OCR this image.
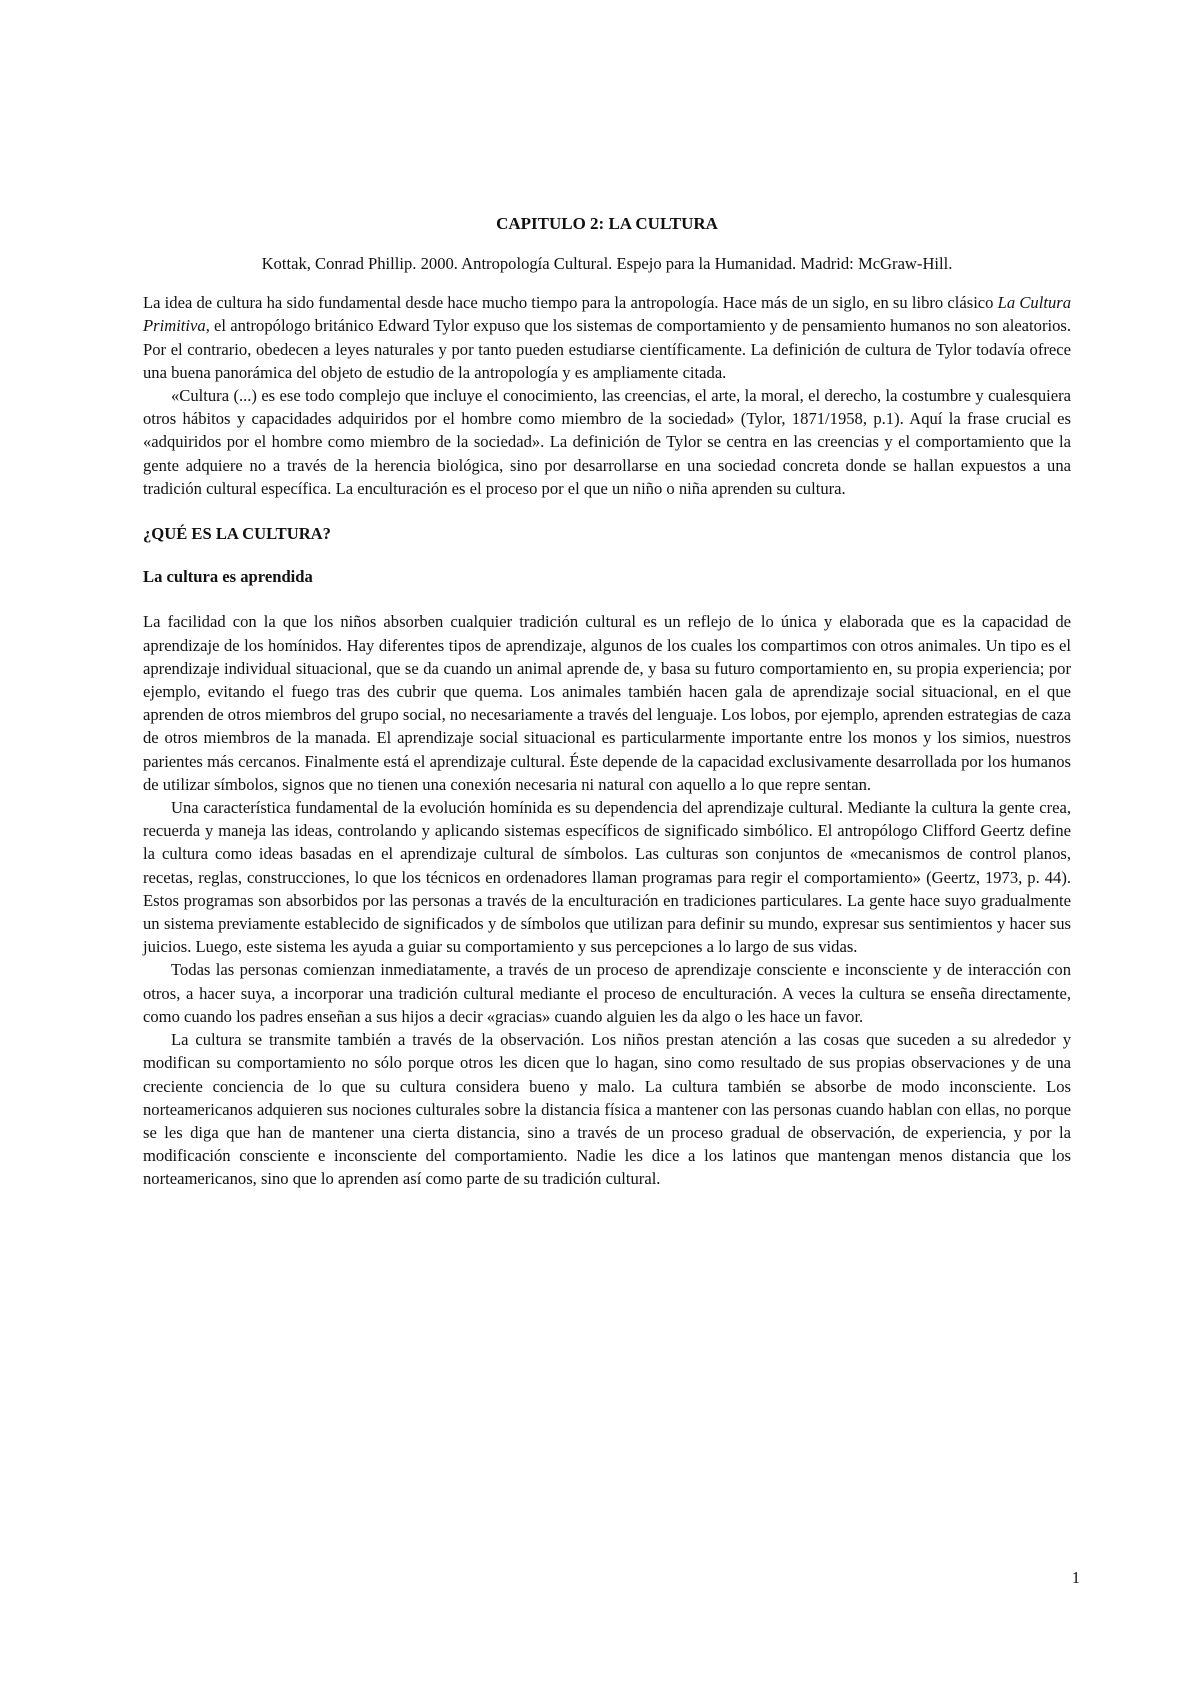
CAPITULO 2: LA CULTURA
Kottak, Conrad Phillip. 2000. Antropología Cultural. Espejo para la Humanidad. Madrid: McGraw-Hill.

La idea de cultura ha sido fundamental desde hace mucho tiempo para la antropología. Hace más de un siglo, en su libro clásico La Cultura Primitiva, el antropólogo británico Edward Tylor expuso que los sistemas de comportamiento y de pensamiento humanos no son aleatorios. Por el contrario, obedecen a leyes naturales y por tanto pueden estudiarse científicamente. La definición de cultura de Tylor todavía ofrece una buena panorámica del objeto de estudio de la antropología y es ampliamente citada.

«Cultura (...) es ese todo complejo que incluye el conocimiento, las creencias, el arte, la moral, el derecho, la costumbre y cualesquiera otros hábitos y capacidades adquiridos por el hombre como miembro de la sociedad» (Tylor, 1871/1958, p.1). Aquí la frase crucial es «adquiridos por el hombre como miembro de la sociedad». La definición de Tylor se centra en las creencias y el comportamiento que la gente adquiere no a través de la herencia biológica, sino por desarrollarse en una sociedad concreta donde se hallan expuestos a una tradición cultural específica. La enculturación es el proceso por el que un niño o niña aprenden su cultura.

¿QUÉ ES LA CULTURA?
La cultura es aprendida

La facilidad con la que los niños absorben cualquier tradición cultural es un reflejo de lo única y elaborada que es la capacidad de aprendizaje de los homínidos. Hay diferentes tipos de aprendizaje, algunos de los cuales los compartimos con otros animales. Un tipo es el aprendizaje individual situacional, que se da cuando un animal aprende de, y basa su futuro comportamiento en, su propia experiencia; por ejemplo, evitando el fuego tras des cubrir que quema. Los animales también hacen gala de aprendizaje social situacional, en el que aprenden de otros miembros del grupo social, no necesariamente a través del lenguaje. Los lobos, por ejemplo, aprenden estrategias de caza de otros miembros de la manada. El aprendizaje social situacional es particularmente importante entre los monos y los simios, nuestros parientes más cercanos. Finalmente está el aprendizaje cultural. Éste depende de la capacidad exclusivamente desarrollada por los humanos de utilizar símbolos, signos que no tienen una conexión necesaria ni natural con aquello a lo que repre sentan.

Una característica fundamental de la evolución homínida es su dependencia del aprendizaje cultural. Mediante la cultura la gente crea, recuerda y maneja las ideas, controlando y aplicando sistemas específicos de significado simbólico. El antropólogo Clifford Geertz define la cultura como ideas basadas en el aprendizaje cultural de símbolos. Las culturas son conjuntos de «mecanismos de control planos, recetas, reglas, construcciones, lo que los técnicos en ordenadores llaman programas para regir el comportamiento» (Geertz, 1973, p. 44). Estos programas son absorbidos por las personas a través de la enculturación en tradiciones particulares. La gente hace suyo gradualmente un sistema previamente establecido de significados y de símbolos que utilizan para definir su mundo, expresar sus sentimientos y hacer sus juicios. Luego, este sistema les ayuda a guiar su comportamiento y sus percepciones a lo largo de sus vidas.

Todas las personas comienzan inmediatamente, a través de un proceso de aprendizaje consciente e inconsciente y de interacción con otros, a hacer suya, a incorporar una tradición cultural mediante el proceso de enculturación. A veces la cultura se enseña directamente, como cuando los padres enseñan a sus hijos a decir «gracias» cuando alguien les da algo o les hace un favor.

La cultura se transmite también a través de la observación. Los niños prestan atención a las cosas que suceden a su alrededor y modifican su comportamiento no sólo porque otros les dicen que lo hagan, sino como resultado de sus propias observaciones y de una creciente conciencia de lo que su cultura considera bueno y malo. La cultura también se absorbe de modo inconsciente. Los norteamericanos adquieren sus nociones culturales sobre la distancia física a mantener con las personas cuando hablan con ellas, no porque se les diga que han de mantener una cierta distancia, sino a través de un proceso gradual de observación, de experiencia, y por la modificación consciente e inconsciente del comportamiento. Nadie les dice a los latinos que mantengan menos distancia que los norteamericanos, sino que lo aprenden así como parte de su tradición cultural.

1
